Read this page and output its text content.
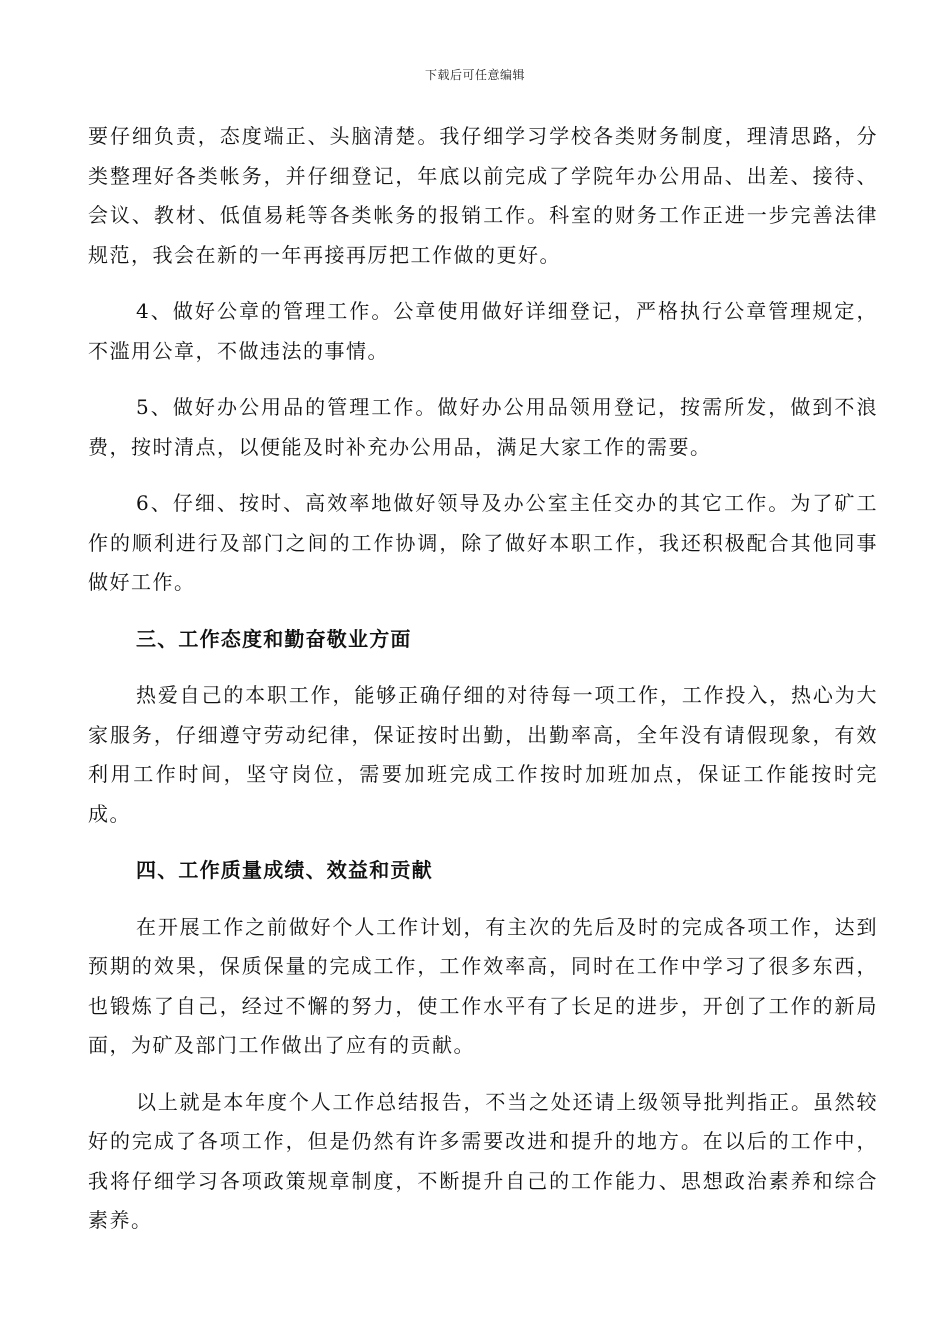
下载后可任意编辑

要仔细负责，态度端正、头脑清楚。我仔细学习学校各类财务制度，理清思路，分类整理好各类帐务，并仔细登记，年底以前完成了学院年办公用品、出差、接待、会议、教材、低值易耗等各类帐务的报销工作。科室的财务工作正进一步完善法律规范，我会在新的一年再接再厉把工作做的更好。

4、做好公章的管理工作。公章使用做好详细登记，严格执行公章管理规定，不滥用公章，不做违法的事情。

5、做好办公用品的管理工作。做好办公用品领用登记，按需所发，做到不浪费，按时清点，以便能及时补充办公用品，满足大家工作的需要。

6、仔细、按时、高效率地做好领导及办公室主任交办的其它工作。为了矿工作的顺利进行及部门之间的工作协调，除了做好本职工作，我还积极配合其他同事做好工作。

三、工作态度和勤奋敬业方面

热爱自己的本职工作，能够正确仔细的对待每一项工作，工作投入，热心为大家服务，仔细遵守劳动纪律，保证按时出勤，出勤率高，全年没有请假现象，有效利用工作时间，坚守岗位，需要加班完成工作按时加班加点，保证工作能按时完成。

四、工作质量成绩、效益和贡献

在开展工作之前做好个人工作计划，有主次的先后及时的完成各项工作，达到预期的效果，保质保量的完成工作，工作效率高，同时在工作中学习了很多东西，也锻炼了自己，经过不懈的努力，使工作水平有了长足的进步，开创了工作的新局面，为矿及部门工作做出了应有的贡献。

以上就是本年度个人工作总结报告，不当之处还请上级领导批判指正。虽然较好的完成了各项工作，但是仍然有许多需要改进和提升的地方。在以后的工作中，我将仔细学习各项政策规章制度，不断提升自己的工作能力、思想政治素养和综合素养。
